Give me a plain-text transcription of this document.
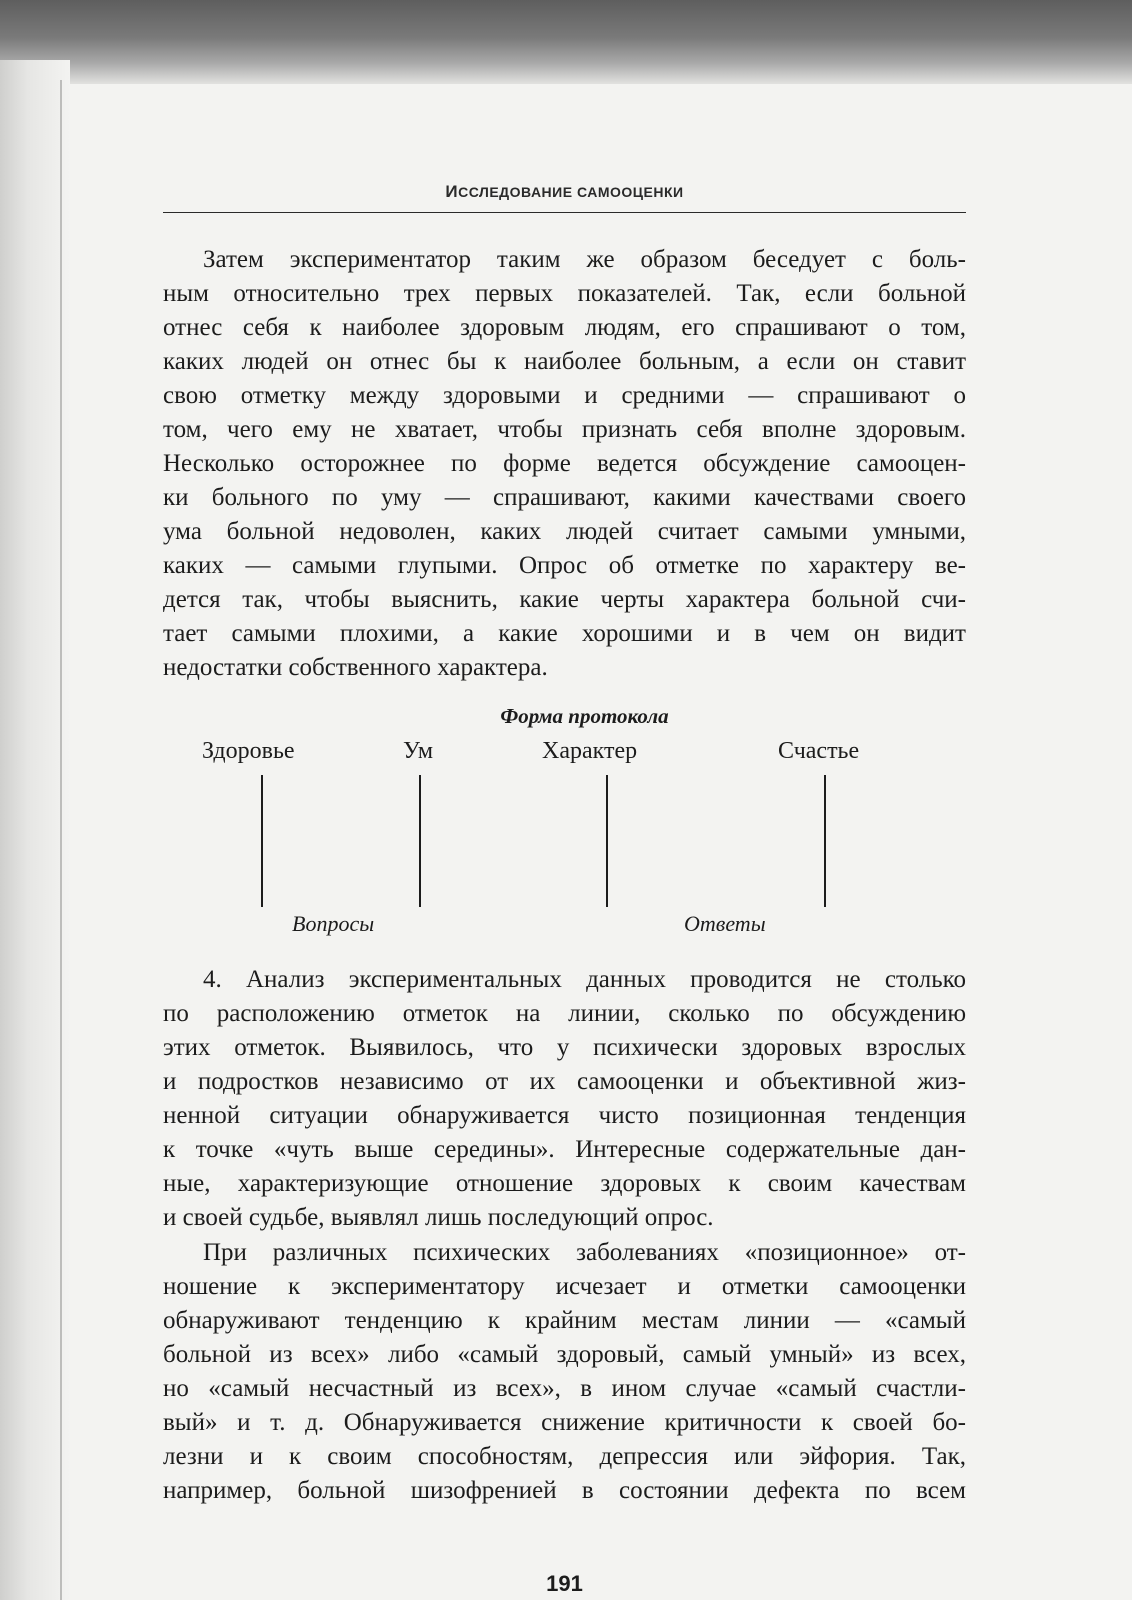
ИССЛЕДОВАНИЕ САМООЦЕНКИ
Затем экспериментатор таким же образом беседует с боль-
ным относительно трех первых показателей. Так, если больной
отнес себя к наиболее здоровым людям, его спрашивают о том,
каких людей он отнес бы к наиболее больным, а если он ставит
свою отметку между здоровыми и средними — спрашивают о
том, чего ему не хватает, чтобы признать себя вполне здоровым.
Несколько осторожнее по форме ведется обсуждение самооцен-
ки больного по уму — спрашивают, какими качествами своего
ума больной недоволен, каких людей считает самыми умными,
каких — самыми глупыми. Опрос об отметке по характеру ве-
дется так, чтобы выяснить, какие черты характера больной счи-
тает самыми плохими, а какие хорошими и в чем он видит
недостатки собственного характера.
Форма протокола
Здоровье	Ум	Характер	Счастье
Вопросы	Ответы
4. Анализ экспериментальных данных проводится не столько
по расположению отметок на линии, сколько по обсуждению
этих отметок. Выявилось, что у психически здоровых взрослых
и подростков независимо от их самооценки и объективной жиз-
ненной ситуации обнаруживается чисто позиционная тенденция
к точке «чуть выше середины». Интересные содержательные дан-
ные, характеризующие отношение здоровых к своим качествам
и своей судьбе, выявлял лишь последующий опрос.
При различных психических заболеваниях «позиционное» от-
ношение к экспериментатору исчезает и отметки самооценки
обнаруживают тенденцию к крайним местам линии — «самый
больной из всех» либо «самый здоровый, самый умный» из всех,
но «самый несчастный из всех», в ином случае «самый счастли-
вый» и т. д. Обнаруживается снижение критичности к своей бо-
лезни и к своим способностям, депрессия или эйфория. Так,
например, больной шизофренией в состоянии дефекта по всем
191
